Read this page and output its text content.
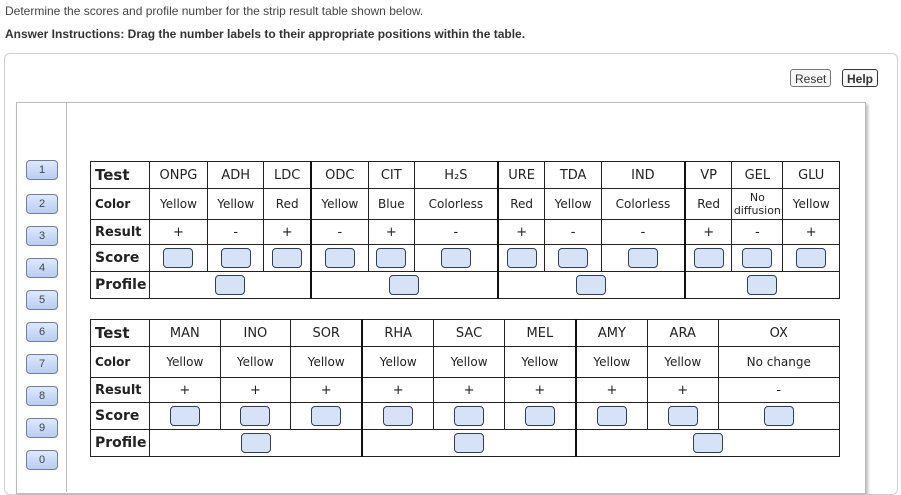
Determine the scores and profile number for the strip result table shown below.
Answer Instructions: Drag the number labels to their appropriate positions within the table.
Reset	Help
1
2
3
4
5
6
7
8
9
0
Test	ONPG	ADH	LDC	ODC	CIT	H₂S	URE	TDA	IND	VP	GEL	GLU
Color	Yellow	Yellow	Red	Yellow	Blue	Colorless	Red	Yellow	Colorless	Red	No diffusion	Yellow
Result	+	-	+	-	+	-	+	-	-	+	-	+
Score												
Profile												
Test	MAN	INO	SOR	RHA	SAC	MEL	AMY	ARA	OX
Color	Yellow	Yellow	Yellow	Yellow	Yellow	Yellow	Yellow	Yellow	No change
Result	+	+	+	+	+	+	+	+	-
Score									
Profile									
